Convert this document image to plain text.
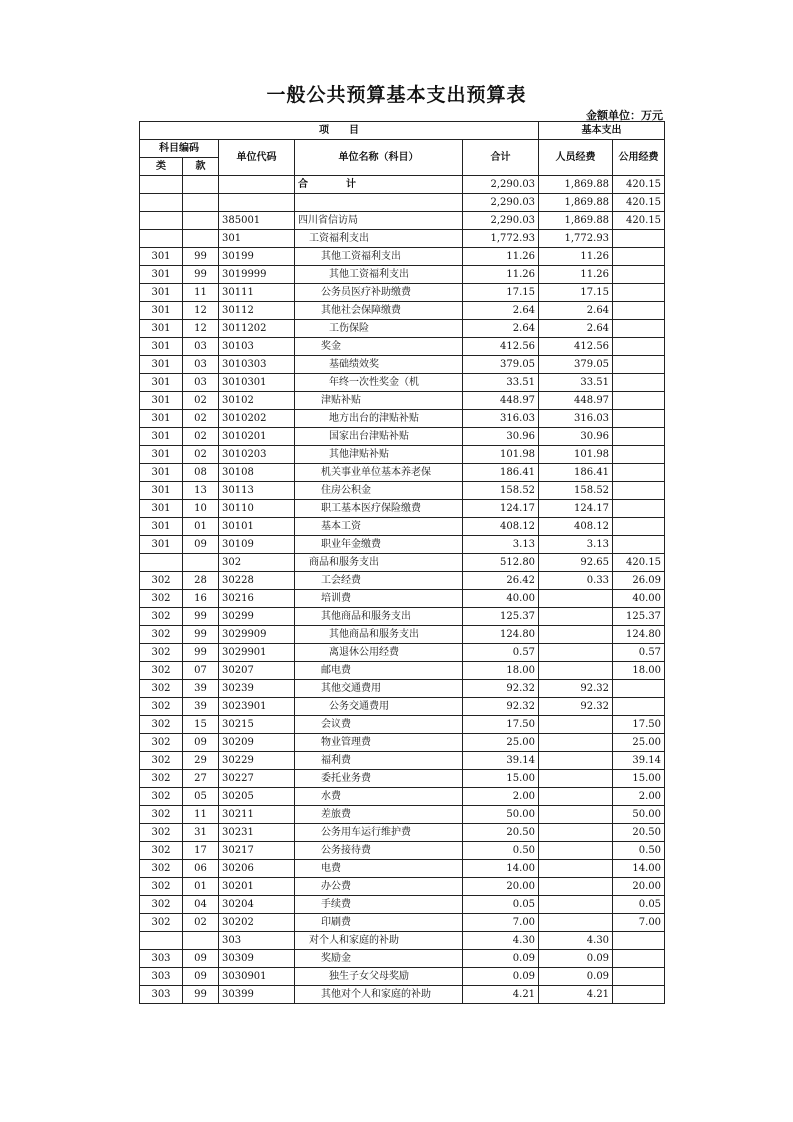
一般公共预算基本支出预算表
金额单位：万元
项　　目					基本支出	
科目编码		单位代码	单位名称（科目）	合计	人员经费	公用经费
类	款					
			合　计	2,290.03	1,869.88	420.15
				2,290.03	1,869.88	420.15
		385001	四川省信访局	2,290.03	1,869.88	420.15
		301	工资福利支出	1,772.93	1,772.93	
301	99	30199	其他工资福利支出	11.26	11.26	
301	99	3019999	其他工资福利支出	11.26	11.26	
301	11	30111	公务员医疗补助缴费	17.15	17.15	
301	12	30112	其他社会保障缴费	2.64	2.64	
301	12	3011202	工伤保险	2.64	2.64	
301	03	30103	奖金	412.56	412.56	
301	03	3010303	基础绩效奖	379.05	379.05	
301	03	3010301	年终一次性奖金（机	33.51	33.51	
301	02	30102	津贴补贴	448.97	448.97	
301	02	3010202	地方出台的津贴补贴	316.03	316.03	
301	02	3010201	国家出台津贴补贴	30.96	30.96	
301	02	3010203	其他津贴补贴	101.98	101.98	
301	08	30108	机关事业单位基本养老保	186.41	186.41	
301	13	30113	住房公积金	158.52	158.52	
301	10	30110	职工基本医疗保险缴费	124.17	124.17	
301	01	30101	基本工资	408.12	408.12	
301	09	30109	职业年金缴费	3.13	3.13	
		302	商品和服务支出	512.80	92.65	420.15
302	28	30228	工会经费	26.42	0.33	26.09
302	16	30216	培训费	40.00		40.00
302	99	30299	其他商品和服务支出	125.37		125.37
302	99	3029909	其他商品和服务支出	124.80		124.80
302	99	3029901	离退休公用经费	0.57		0.57
302	07	30207	邮电费	18.00		18.00
302	39	30239	其他交通费用	92.32	92.32	
302	39	3023901	公务交通费用	92.32	92.32	
302	15	30215	会议费	17.50		17.50
302	09	30209	物业管理费	25.00		25.00
302	29	30229	福利费	39.14		39.14
302	27	30227	委托业务费	15.00		15.00
302	05	30205	水费	2.00		2.00
302	11	30211	差旅费	50.00		50.00
302	31	30231	公务用车运行维护费	20.50		20.50
302	17	30217	公务接待费	0.50		0.50
302	06	30206	电费	14.00		14.00
302	01	30201	办公费	20.00		20.00
302	04	30204	手续费	0.05		0.05
302	02	30202	印刷费	7.00		7.00
		303	对个人和家庭的补助	4.30	4.30	
303	09	30309	奖励金	0.09	0.09	
303	09	3030901	独生子女父母奖励	0.09	0.09	
303	99	30399	其他对个人和家庭的补助	4.21	4.21	
